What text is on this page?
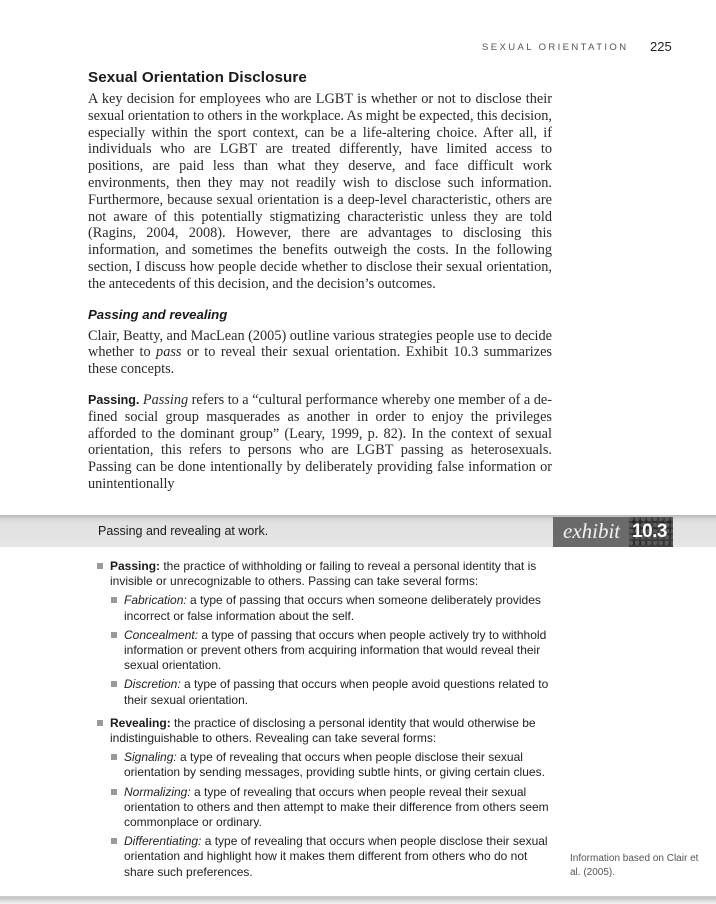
SEXUAL ORIENTATION 225
Sexual Orientation Disclosure

A key decision for employees who are LGBT is whether or not to disclose their sexual orientation to others in the workplace. As might be expected, this decision, especially within the sport context, can be a life-altering choice. After all, if individuals who are LGBT are treated differently, have limited access to positions, are paid less than what they deserve, and face difficult work environments, then they may not readily wish to disclose such information. Furthermore, because sexual orientation is a deep-level characteristic, others are not aware of this potentially stigmatizing characteristic unless they are told (Ragins, 2004, 2008). However, there are advantages to disclosing this information, and sometimes the benefits outweigh the costs. In the following section, I discuss how people decide whether to disclose their sexual orientation, the antecedents of this decision, and the decision’s outcomes.

Passing and revealing

Clair, Beatty, and MacLean (2005) outline various strategies people use to decide whether to pass or to reveal their sexual orientation. Exhibit 10.3 summarizes these concepts.

Passing. Passing refers to a “cultural performance whereby one member of a defined social group masquerades as another in order to enjoy the privileges afforded to the dominant group” (Leary, 1999, p. 82). In the context of sexual orientation, this refers to persons who are LGBT passing as heterosexuals. Passing can be done intentionally by deliberately providing false information or unintentionally

Passing and revealing at work.	exhibit 10.3
Passing: the practice of withholding or failing to reveal a personal identity that is invisible or unrecognizable to others. Passing can take several forms:
Fabrication: a type of passing that occurs when someone deliberately provides incorrect or false information about the self.
Concealment: a type of passing that occurs when people actively try to withhold information or prevent others from acquiring information that would reveal their sexual orientation.
Discretion: a type of passing that occurs when people avoid questions related to their sexual orientation.
Revealing: the practice of disclosing a personal identity that would otherwise be indistinguishable to others. Revealing can take several forms:
Signaling: a type of revealing that occurs when people disclose their sexual orientation by sending messages, providing subtle hints, or giving certain clues.
Normalizing: a type of revealing that occurs when people reveal their sexual orientation to others and then attempt to make their difference from others seem commonplace or ordinary.
Differentiating: a type of revealing that occurs when people disclose their sexual orientation and highlight how it makes them different from others who do not share such preferences.
Information based on Clair et al. (2005).
